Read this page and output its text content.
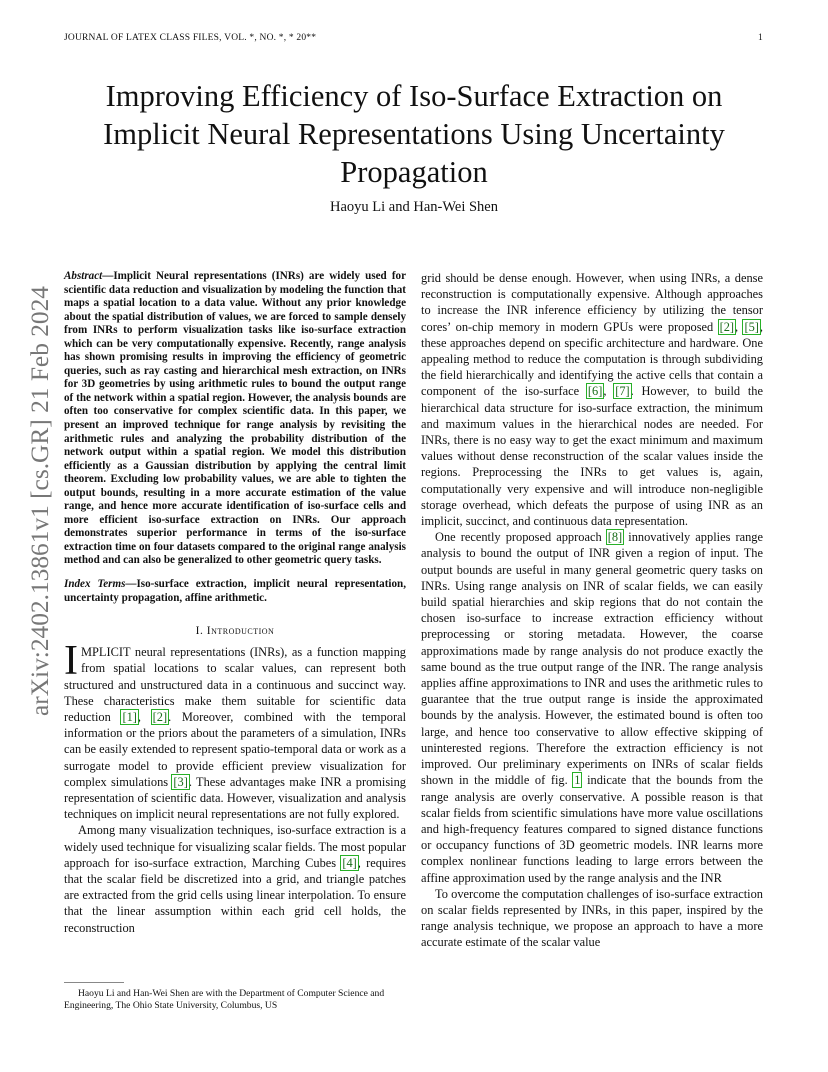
JOURNAL OF LATEX CLASS FILES, VOL. *, NO. *, * 20**	1
arXiv:2402.13861v1 [cs.GR] 21 Feb 2024
Improving Efficiency of Iso-Surface Extraction on Implicit Neural Representations Using Uncertainty Propagation
Haoyu Li and Han-Wei Shen

Abstract—Implicit Neural representations (INRs) are widely used for scientific data reduction and visualization by modeling the function that maps a spatial location to a data value. Without any prior knowledge about the spatial distribution of values, we are forced to sample densely from INRs to perform visualization tasks like iso-surface extraction which can be very computationally expensive. Recently, range analysis has shown promising results in improving the efficiency of geometric queries, such as ray casting and hierarchical mesh extraction, on INRs for 3D geometries by using arithmetic rules to bound the output range of the network within a spatial region. However, the analysis bounds are often too conservative for complex scientific data. In this paper, we present an improved technique for range analysis by revisiting the arithmetic rules and analyzing the probability distribution of the network output within a spatial region. We model this distribution efficiently as a Gaussian distribution by applying the central limit theorem. Excluding low probability values, we are able to tighten the output bounds, resulting in a more accurate estimation of the value range, and hence more accurate identification of iso-surface cells and more efficient iso-surface extraction on INRs. Our approach demonstrates superior performance in terms of the iso-surface extraction time on four datasets compared to the original range analysis method and can also be generalized to other geometric query tasks.

Index Terms—Iso-surface extraction, implicit neural representation, uncertainty propagation, affine arithmetic.

I. Introduction

IMPLICIT neural representations (INRs), as a function mapping from spatial locations to scalar values, can represent both structured and unstructured data in a continuous and succinct way. These characteristics make them suitable for scientific data reduction [1], [2]. Moreover, combined with the temporal information or the priors about the parameters of a simulation, INRs can be easily extended to represent spatio-temporal data or work as a surrogate model to provide efficient preview visualization for complex simulations [3]. These advantages make INR a promising representation of scientific data. However, visualization and analysis techniques on implicit neural representations are not fully explored.

Among many visualization techniques, iso-surface extraction is a widely used technique for visualizing scalar fields. The most popular approach for iso-surface extraction, Marching Cubes [4], requires that the scalar field be discretized into a grid, and triangle patches are extracted from the grid cells using linear interpolation. To ensure that the linear assumption within each grid cell holds, the reconstruction

Haoyu Li and Han-Wei Shen are with the Department of Computer Science and Engineering, The Ohio State University, Columbus, US

grid should be dense enough. However, when using INRs, a dense reconstruction is computationally expensive. Although approaches to increase the INR inference efficiency by utilizing the tensor cores’ on-chip memory in modern GPUs were proposed [2], [5], these approaches depend on specific architecture and hardware. One appealing method to reduce the computation is through subdividing the field hierarchically and identifying the active cells that contain a component of the iso-surface [6], [7]. However, to build the hierarchical data structure for iso-surface extraction, the minimum and maximum values in the hierarchical nodes are needed. For INRs, there is no easy way to get the exact minimum and maximum values without dense reconstruction of the scalar values inside the regions. Preprocessing the INRs to get values is, again, computationally very expensive and will introduce non-negligible storage overhead, which defeats the purpose of using INR as an implicit, succinct, and continuous data representation.

One recently proposed approach [8] innovatively applies range analysis to bound the output of INR given a region of input. The output bounds are useful in many general geometric query tasks on INRs. Using range analysis on INR of scalar fields, we can easily build spatial hierarchies and skip regions that do not contain the chosen iso-surface to increase extraction efficiency without preprocessing or storing metadata. However, the coarse approximations made by range analysis do not produce exactly the same bound as the true output range of the INR. The range analysis applies affine approximations to INR and uses the arithmetic rules to guarantee that the true output range is inside the approximated bounds by the analysis. However, the estimated bound is often too large, and hence too conservative to allow effective skipping of uninterested regions. Therefore the extraction efficiency is not improved. Our preliminary experiments on INRs of scalar fields shown in the middle of fig. 1 indicate that the bounds from the range analysis are overly conservative. A possible reason is that scalar fields from scientific simulations have more value oscillations and high-frequency features compared to signed distance functions or occupancy functions of 3D geometric models. INR learns more complex nonlinear functions leading to large errors between the affine approximation used by the range analysis and the INR

To overcome the computation challenges of iso-surface extraction on scalar fields represented by INRs, in this paper, inspired by the range analysis technique, we propose an approach to have a more accurate estimate of the scalar value
